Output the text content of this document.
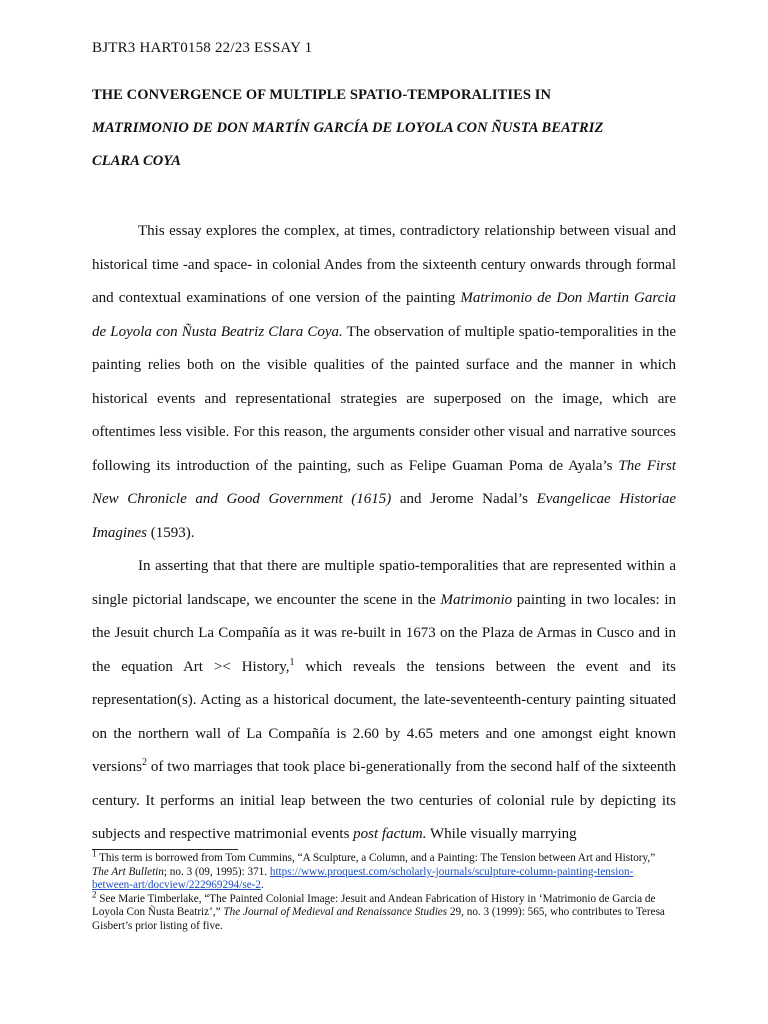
BJTR3 HART0158 22/23 ESSAY 1
THE CONVERGENCE OF MULTIPLE SPATIO-TEMPORALITIES IN
MATRIMONIO DE DON MARTÍN GARCÍA DE LOYOLA CON ÑUSTA BEATRIZ
CLARA COYA

This essay explores the complex, at times, contradictory relationship between visual and historical time -and space- in colonial Andes from the sixteenth century onwards through formal and contextual examinations of one version of the painting Matrimonio de Don Martin Garcia de Loyola con Ñusta Beatriz Clara Coya. The observation of multiple spatio-temporalities in the painting relies both on the visible qualities of the painted surface and the manner in which historical events and representational strategies are superposed on the image, which are oftentimes less visible. For this reason, the arguments consider other visual and narrative sources following its introduction of the painting, such as Felipe Guaman Poma de Ayala’s The First New Chronicle and Good Government (1615) and Jerome Nadal’s Evangelicae Historiae Imagines (1593).

In asserting that that there are multiple spatio-temporalities that are represented within a single pictorial landscape, we encounter the scene in the Matrimonio painting in two locales: in the Jesuit church La Compañía as it was re-built in 1673 on the Plaza de Armas in Cusco and in the equation Art >< History,$^1$ which reveals the tensions between the event and its representation(s). Acting as a historical document, the late-seventeenth-century painting situated on the northern wall of La Compañía is 2.60 by 4.65 meters and one amongst eight known versions$^2$ of two marriages that took place bi-generationally from the second half of the sixteenth century. It performs an initial leap between the two centuries of colonial rule by depicting its subjects and respective matrimonial events post factum. While visually marrying

$^1$ This term is borrowed from Tom Cummins, “A Sculpture, a Column, and a Painting: The Tension between Art and History,” The Art Bulletin; no. 3 (09, 1995): 371. https://www.proquest.com/scholarly-journals/sculpture-column-painting-tension-between-art/docview/222969294/se-2.

$^2$ See Marie Timberlake, “The Painted Colonial Image: Jesuit and Andean Fabrication of History in ‘Matrimonio de Garcia de Loyola Con Ñusta Beatriz’,” The Journal of Medieval and Renaissance Studies 29, no. 3 (1999): 565, who contributes to Teresa Gisbert’s prior listing of five.
